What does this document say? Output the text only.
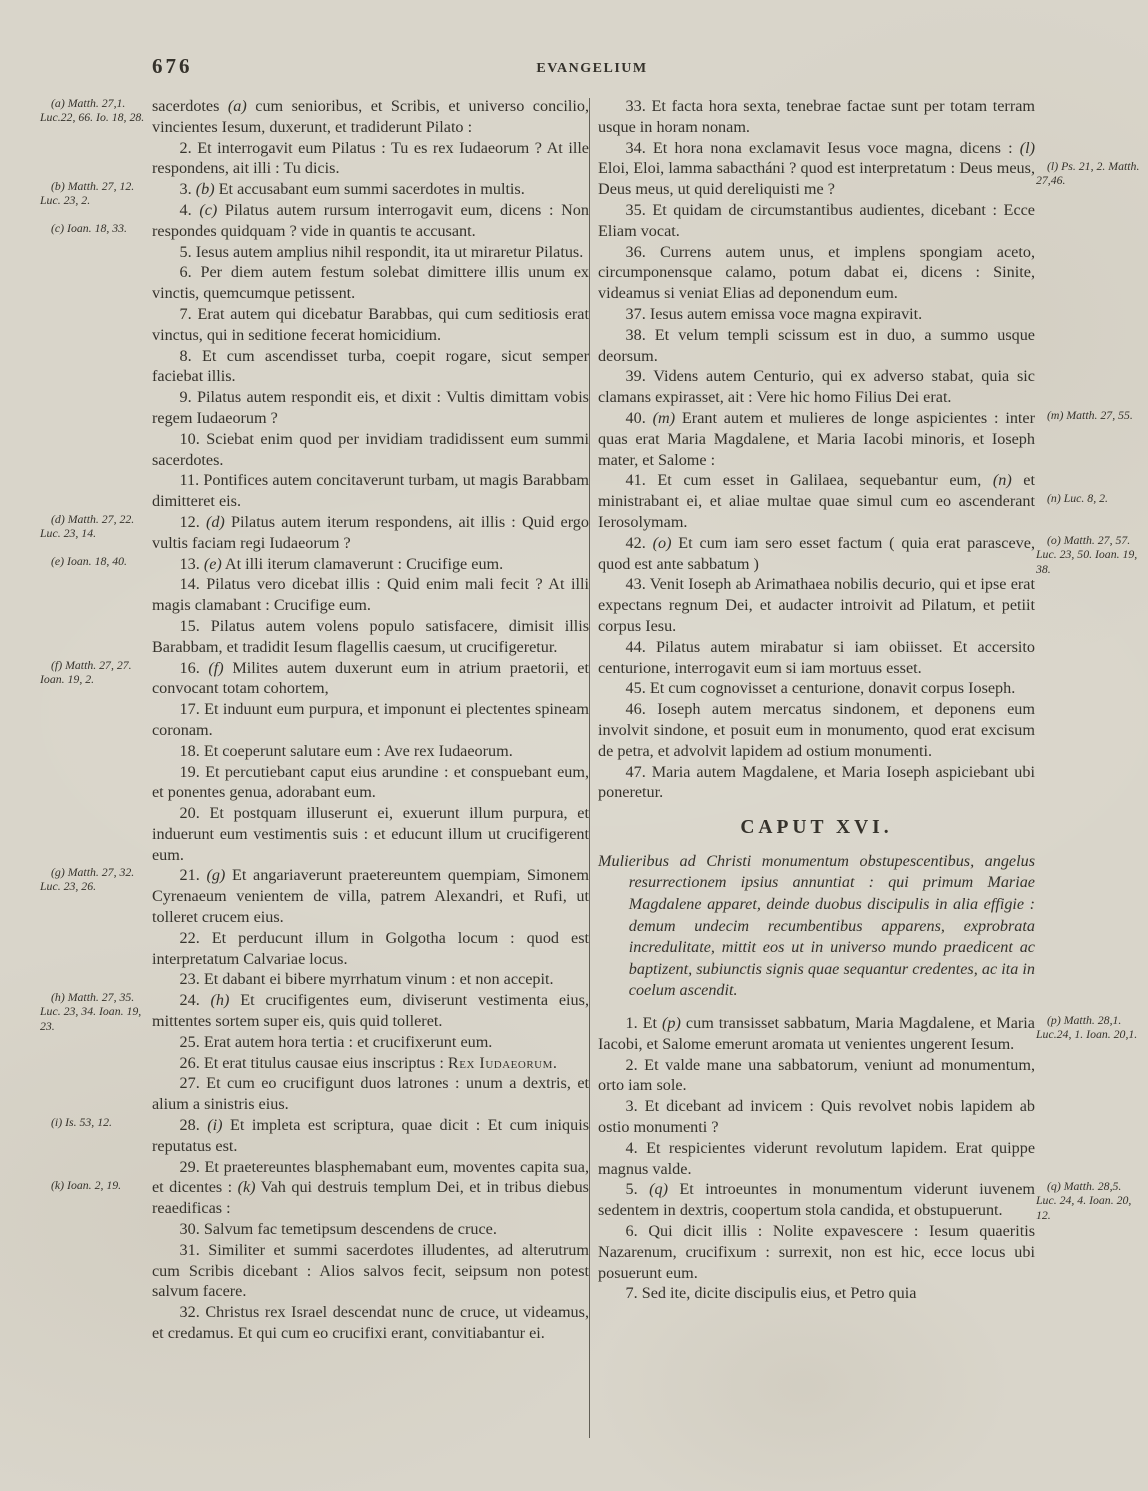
676	EVANGELIUM

sacerdotes (a) cum senioribus, et Scribis, et universo concilio, vincientes Iesum, duxerunt, et tradiderunt Pilato :

2. Et interrogavit eum Pilatus : Tu es rex Iudaeorum ? At ille respondens, ait illi : Tu dicis.

3. (b) Et accusabant eum summi sacerdotes in multis.

4. (c) Pilatus autem rursum interrogavit eum, dicens : Non respondes quidquam ? vide in quantis te accusant.

5. Iesus autem amplius nihil respondit, ita ut miraretur Pilatus.

6. Per diem autem festum solebat dimittere illis unum ex vinctis, quemcumque petissent.

7. Erat autem qui dicebatur Barabbas, qui cum seditiosis erat vinctus, qui in seditione fecerat homicidium.

8. Et cum ascendisset turba, coepit rogare, sicut semper faciebat illis.

9. Pilatus autem respondit eis, et dixit : Vultis dimittam vobis regem Iudaeorum ?

10. Sciebat enim quod per invidiam tradidissent eum summi sacerdotes.

11. Pontifices autem concitaverunt turbam, ut magis Barabbam dimitteret eis.

12. (d) Pilatus autem iterum respondens, ait illis : Quid ergo vultis faciam regi Iudaeorum ?

13. (e) At illi iterum clamaverunt : Crucifige eum.

14. Pilatus vero dicebat illis : Quid enim mali fecit ? At illi magis clamabant : Crucifige eum.

15. Pilatus autem volens populo satisfacere, dimisit illis Barabbam, et tradidit Iesum flagellis caesum, ut crucifigeretur.

16. (f) Milites autem duxerunt eum in atrium praetorii, et convocant totam cohortem,

17. Et induunt eum purpura, et imponunt ei plectentes spineam coronam.

18. Et coeperunt salutare eum : Ave rex Iudaeorum.

19. Et percutiebant caput eius arundine : et conspuebant eum, et ponentes genua, adorabant eum.

20. Et postquam illuserunt ei, exuerunt illum purpura, et induerunt eum vestimentis suis : et educunt illum ut crucifigerent eum.

21. (g) Et angariaverunt praetereuntem quempiam, Simonem Cyrenaeum venientem de villa, patrem Alexandri, et Rufi, ut tolleret crucem eius.

22. Et perducunt illum in Golgotha locum : quod est interpretatum Calvariae locus.

23. Et dabant ei bibere myrrhatum vinum : et non accepit.

24. (h) Et crucifigentes eum, diviserunt vestimenta eius, mittentes sortem super eis, quis quid tolleret.

25. Erat autem hora tertia : et crucifixerunt eum.

26. Et erat titulus causae eius inscriptus : Rex Iudaeorum.

27. Et cum eo crucifigunt duos latrones : unum a dextris, et alium a sinistris eius.

28. (i) Et impleta est scriptura, quae dicit : Et cum iniquis reputatus est.

29. Et praetereuntes blasphemabant eum, moventes capita sua, et dicentes : (k) Vah qui destruis templum Dei, et in tribus diebus reaedificas :

30. Salvum fac temetipsum descendens de cruce.

31. Similiter et summi sacerdotes illudentes, ad alterutrum cum Scribis dicebant : Alios salvos fecit, seipsum non potest salvum facere.

32. Christus rex Israel descendat nunc de cruce, ut videamus, et credamus. Et qui cum eo crucifixi erant, convitiabantur ei.

33. Et facta hora sexta, tenebrae factae sunt per totam terram usque in horam nonam.

34. Et hora nona exclamavit Iesus voce magna, dicens : (l) Eloi, Eloi, lamma sabactháni ? quod est interpretatum : Deus meus, Deus meus, ut quid dereliquisti me ?

35. Et quidam de circumstantibus audientes, dicebant : Ecce Eliam vocat.

36. Currens autem unus, et implens spongiam aceto, circumponensque calamo, potum dabat ei, dicens : Sinite, videamus si veniat Elias ad deponendum eum.

37. Iesus autem emissa voce magna expiravit.

38. Et velum templi scissum est in duo, a summo usque deorsum.

39. Videns autem Centurio, qui ex adverso stabat, quia sic clamans expirasset, ait : Vere hic homo Filius Dei erat.

40. (m) Erant autem et mulieres de longe aspicientes : inter quas erat Maria Magdalene, et Maria Iacobi minoris, et Ioseph mater, et Salome :

41. Et cum esset in Galilaea, sequebantur eum, (n) et ministrabant ei, et aliae multae quae simul cum eo ascenderant Ierosolymam.

42. (o) Et cum iam sero esset factum ( quia erat parasceve, quod est ante sabbatum )

43. Venit Ioseph ab Arimathaea nobilis decurio, qui et ipse erat expectans regnum Dei, et audacter introivit ad Pilatum, et petiit corpus Iesu.

44. Pilatus autem mirabatur si iam obiisset. Et accersito centurione, interrogavit eum si iam mortuus esset.

45. Et cum cognovisset a centurione, donavit corpus Ioseph.

46. Ioseph autem mercatus sindonem, et deponens eum involvit sindone, et posuit eum in monumento, quod erat excisum de petra, et advolvit lapidem ad ostium monumenti.

47. Maria autem Magdalene, et Maria Ioseph aspiciebant ubi poneretur.

CAPUT XVI.

Mulieribus ad Christi monumentum obstupescentibus, angelus resurrectionem ipsius annuntiat : qui primum Mariae Magdalene apparet, deinde duobus discipulis in alia effigie : demum undecim recumbentibus apparens, exprobrata incredulitate, mittit eos ut in universo mundo praedicent ac baptizent, subiunctis signis quae sequantur credentes, ac ita in coelum ascendit.

1. Et (p) cum transisset sabbatum, Maria Magdalene, et Maria Iacobi, et Salome emerunt aromata ut venientes ungerent Iesum.

2. Et valde mane una sabbatorum, veniunt ad monumentum, orto iam sole.

3. Et dicebant ad invicem : Quis revolvet nobis lapidem ab ostio monumenti ?

4. Et respicientes viderunt revolutum lapidem. Erat quippe magnus valde.

5. (q) Et introeuntes in monumentum viderunt iuvenem sedentem in dextris, coopertum stola candida, et obstupuerunt.

6. Qui dicit illis : Nolite expavescere : Iesum quaeritis Nazarenum, crucifixum : surrexit, non est hic, ecce locus ubi posuerunt eum.

7. Sed ite, dicite discipulis eius, et Petro quia

(a) Matth. 27,1. Luc.22, 66. Io. 18, 28.
(b) Matth. 27, 12. Luc. 23, 2.
(c) Ioan. 18, 33.
(d) Matth. 27, 22. Luc. 23, 14.
(e) Ioan. 18, 40.
(f) Matth. 27, 27. Ioan. 19, 2.
(g) Matth. 27, 32. Luc. 23, 26.
(h) Matth. 27, 35. Luc. 23, 34. Ioan. 19, 23.
(i) Is. 53, 12.
(k) Ioan. 2, 19.
(l) Ps. 21, 2. Matth. 27,46.
(m) Matth. 27, 55.
(n) Luc. 8, 2.
(o) Matth. 27, 57. Luc. 23, 50. Ioan. 19, 38.
(p) Matth. 28,1. Luc.24, 1. Ioan. 20,1.
(q) Matth. 28,5. Luc. 24, 4. Ioan. 20, 12.
